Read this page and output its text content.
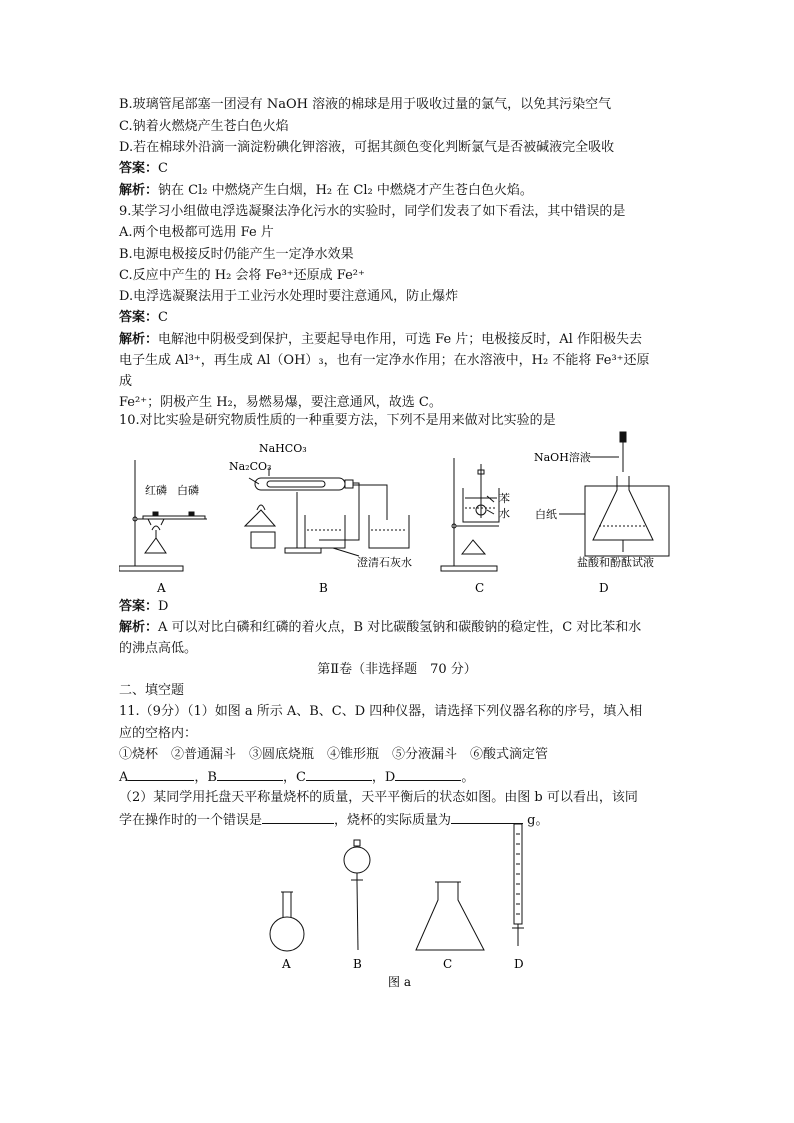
B.玻璃管尾部塞一团浸有 NaOH 溶液的棉球是用于吸收过量的氯气，以免其污染空气
C.钠着火燃烧产生苍白色火焰
D.若在棉球外沿滴一滴淀粉碘化钾溶液，可据其颜色变化判断氯气是否被碱液完全吸收
答案：C
解析：钠在 Cl₂ 中燃烧产生白烟，H₂ 在 Cl₂ 中燃烧才产生苍白色火焰。
9.某学习小组做电浮选凝聚法净化污水的实验时，同学们发表了如下看法，其中错误的是
A.两个电极都可选用 Fe 片
B.电源电极接反时仍能产生一定净水效果
C.反应中产生的 H₂ 会将 Fe³⁺还原成 Fe²⁺
D.电浮选凝聚法用于工业污水处理时要注意通风，防止爆炸
答案：C
解析：电解池中阴极受到保护，主要起导电作用，可选 Fe 片；电极接反时，Al 作阳极失去
电子生成 Al³⁺，再生成 Al（OH）₃，也有一定净水作用；在水溶液中，H₂ 不能将 Fe³⁺还原
成
Fe²⁺；阴极产生 H₂，易燃易爆，要注意通风，故选 C。
10.对比实验是研究物质性质的一种重要方法，下列不是用来做对比实验的是
红磷 白磷
A
NaHCO₃
Na₂CO₃
澄清石灰水
B
苯
水
C
NaOH溶液
白纸
盐酸和酚酞试液
D
答案：D
解析：A 可以对比白磷和红磷的着火点，B 对比碳酸氢钠和碳酸钠的稳定性，C 对比苯和水
的沸点高低。
第Ⅱ卷（非选择题　70 分）
二、填空题
11.（9分）（1）如图 a 所示 A、B、C、D 四种仪器，请选择下列仪器名称的序号，填入相
应的空格内：
①烧杯　②普通漏斗　③圆底烧瓶　④锥形瓶　⑤分液漏斗　⑥酸式滴定管
A	，B	，C	，D	。
（2）某同学用托盘天平称量烧杯的质量，天平平衡后的状态如图。由图 b 可以看出，该同
学在操作时的一个错误是	，烧杯的实际质量为	g。
A	B	C	D
图 a
